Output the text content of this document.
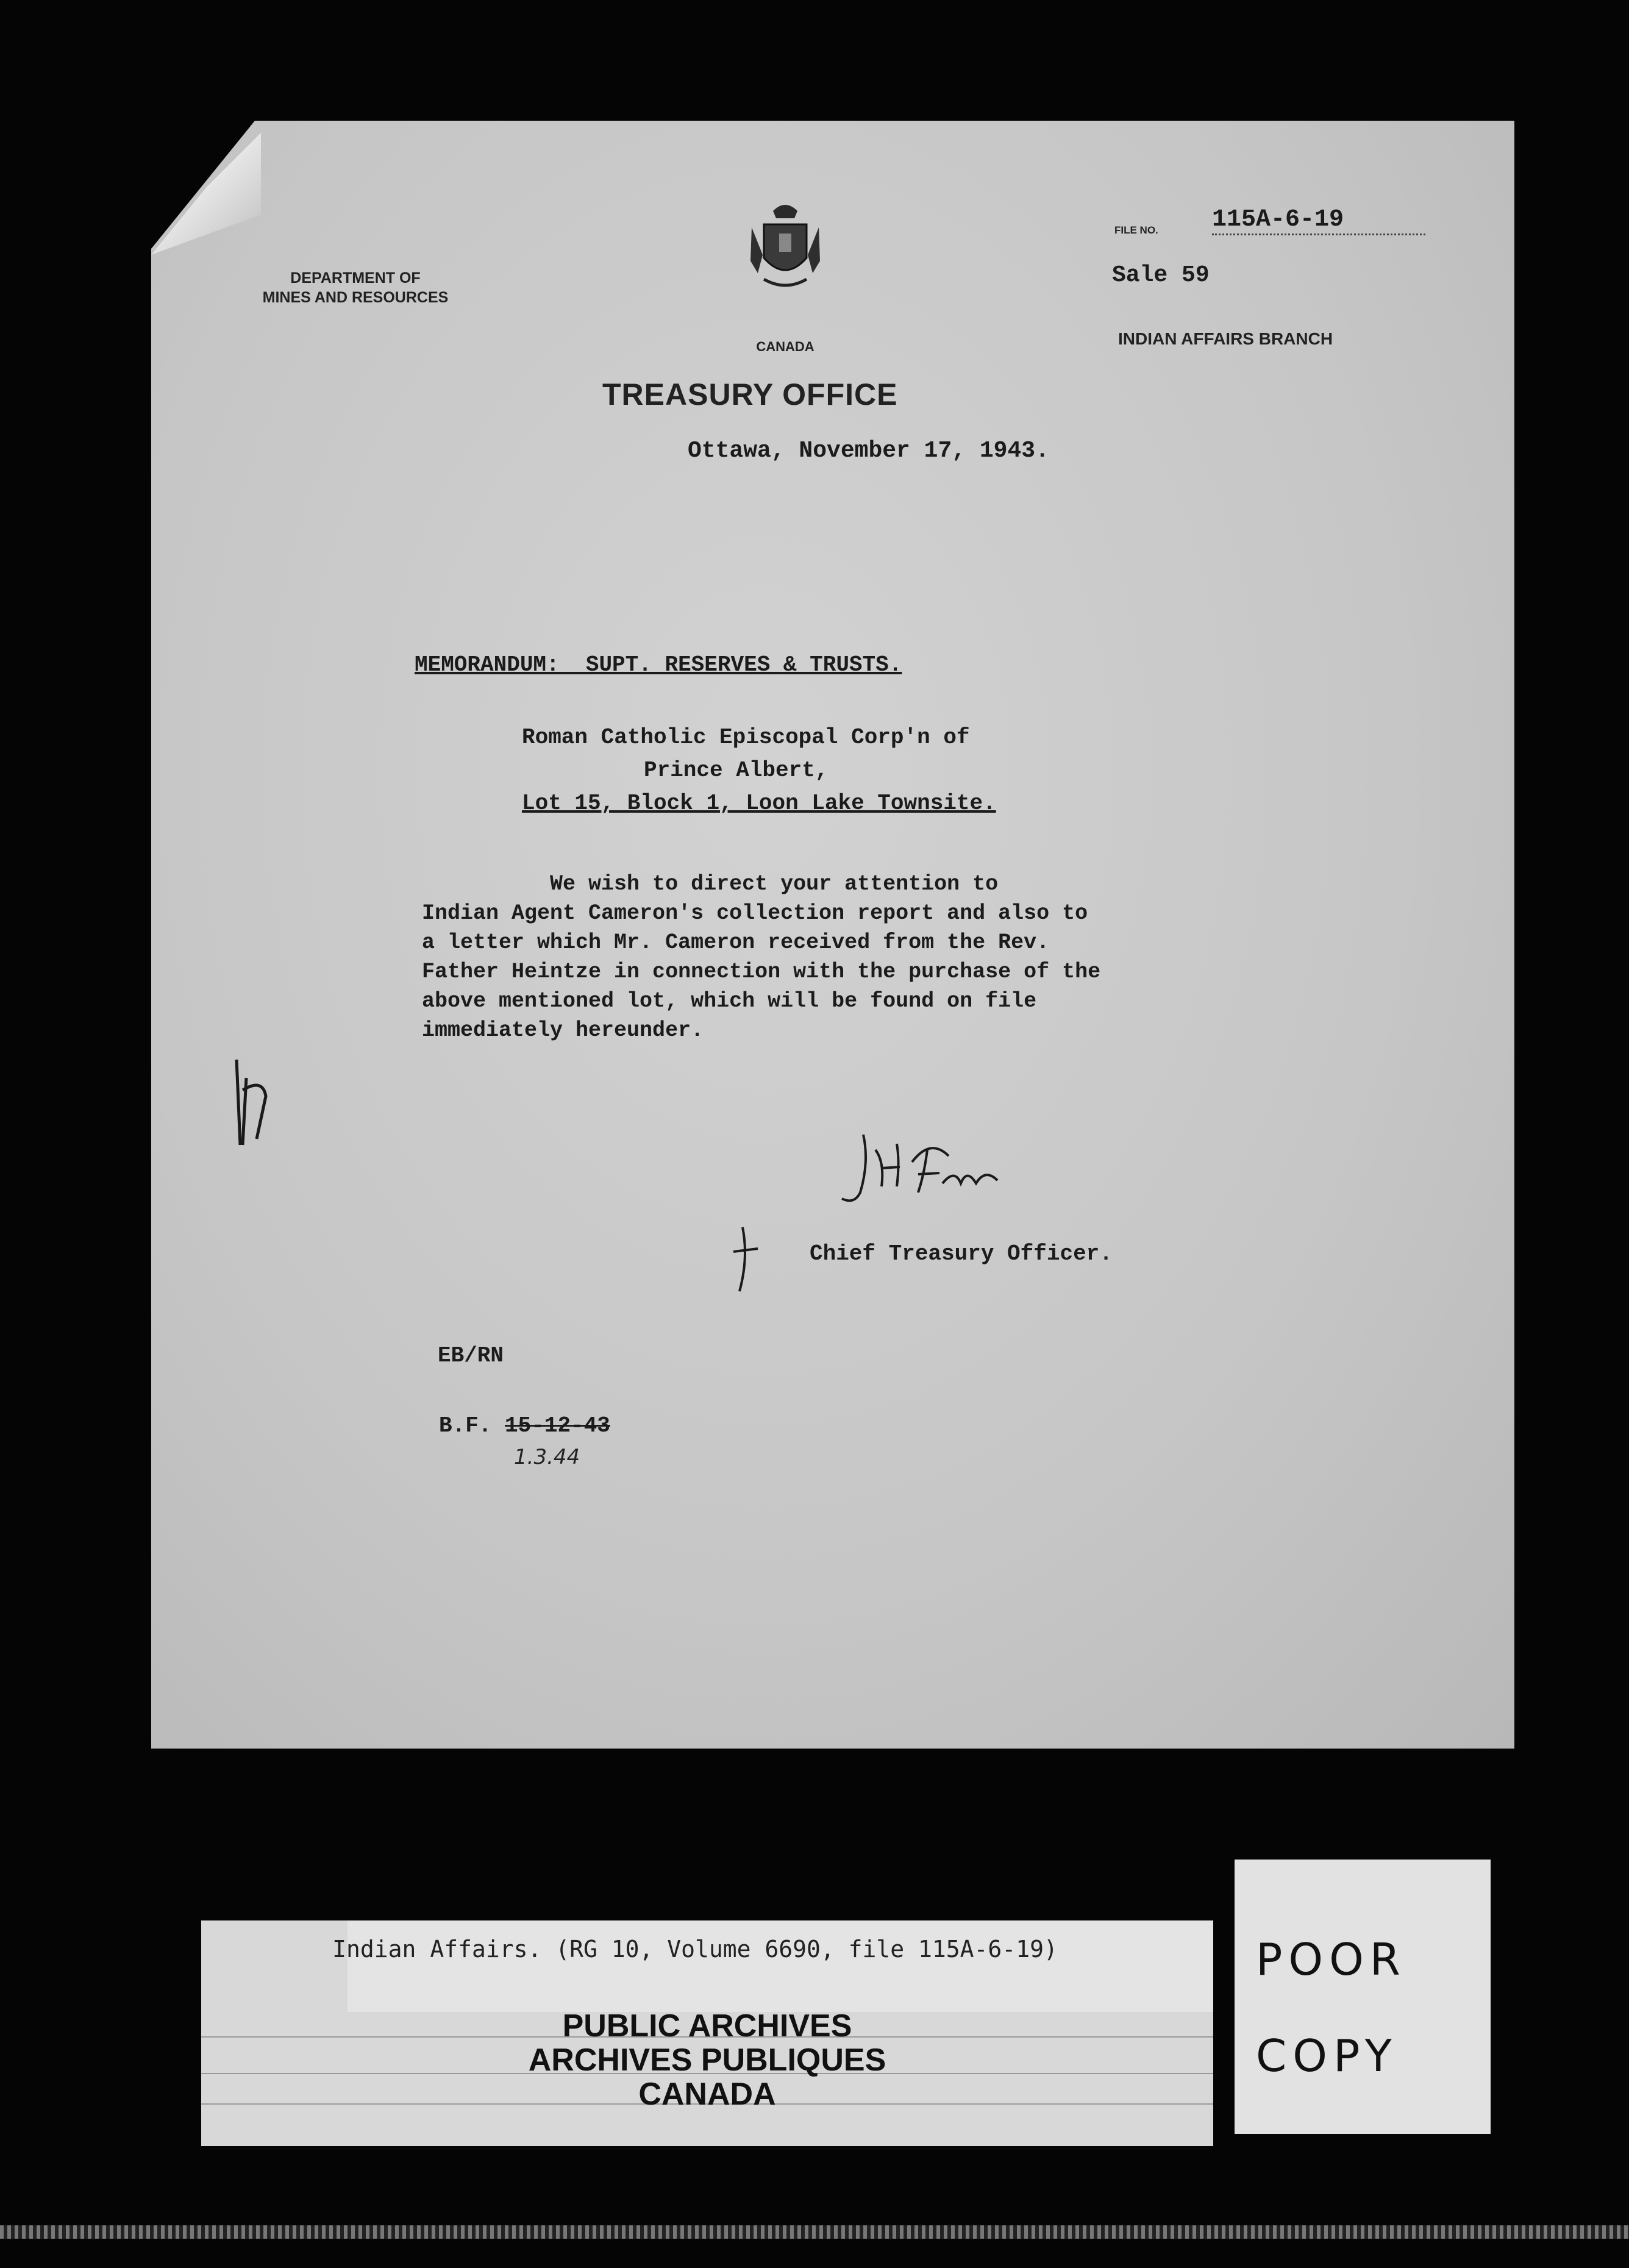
DEPARTMENT OF
MINES AND RESOURCES
CANADA
TREASURY OFFICE
FILE NO. 115A-6-19
Sale 59
INDIAN AFFAIRS BRANCH
Ottawa, November 17, 1943.
MEMORANDUM:  SUPT. RESERVES & TRUSTS.
Roman Catholic Episcopal Corp'n of
Prince Albert,
Lot 15, Block 1, Loon Lake Townsite.
We wish to direct your attention to
Indian Agent Cameron's collection report and also to
a letter which Mr. Cameron received from the Rev.
Father Heintze in connection with the purchase of the
above mentioned lot, which will be found on file
immediately hereunder.
Chief Treasury Officer.
EB/RN
B.F. 15-12-43
1.3.44
Indian Affairs. (RG 10, Volume 6690, file 115A-6-19)
PUBLIC ARCHIVES
ARCHIVES PUBLIQUES
CANADA
POOR
COPY
